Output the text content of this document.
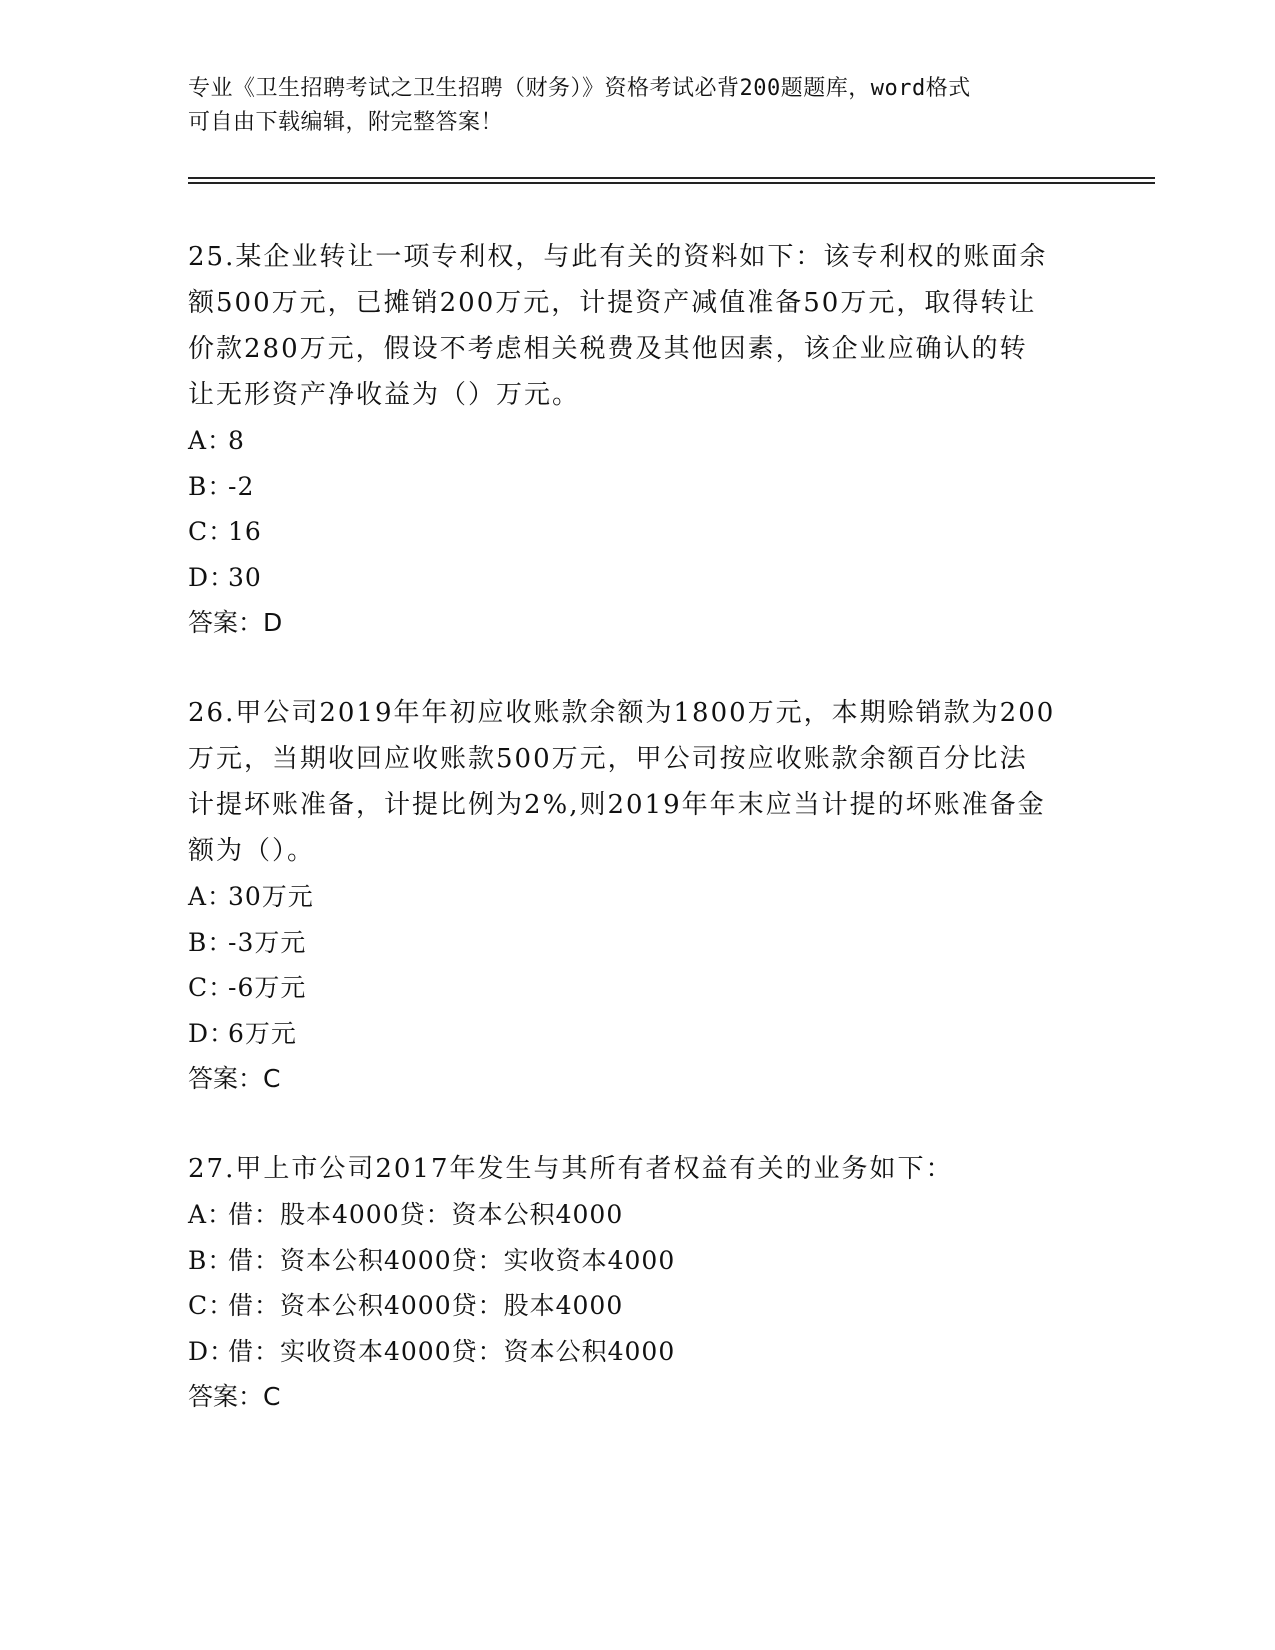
专业《卫生招聘考试之卫生招聘（财务）》资格考试必背200题题库，word格式
可自由下载编辑，附完整答案！
25.某企业转让一项专利权，与此有关的资料如下：该专利权的账面余
额500万元，已摊销200万元，计提资产减值准备50万元，取得转让
价款280万元，假设不考虑相关税费及其他因素，该企业应确认的转
让无形资产净收益为（）万元。
A：8
B：-2
C：16
D：30
答案：D
26.甲公司2019年年初应收账款余额为1800万元，本期赊销款为200
万元，当期收回应收账款500万元，甲公司按应收账款余额百分比法
计提坏账准备，计提比例为2%,则2019年年末应当计提的坏账准备金
额为（）。
A：30万元
B：-3万元
C：-6万元
D：6万元
答案：C
27.甲上市公司2017年发生与其所有者权益有关的业务如下：
A：借：股本4000贷：资本公积4000
B：借：资本公积4000贷：实收资本4000
C：借：资本公积4000贷：股本4000
D：借：实收资本4000贷：资本公积4000
答案：C
